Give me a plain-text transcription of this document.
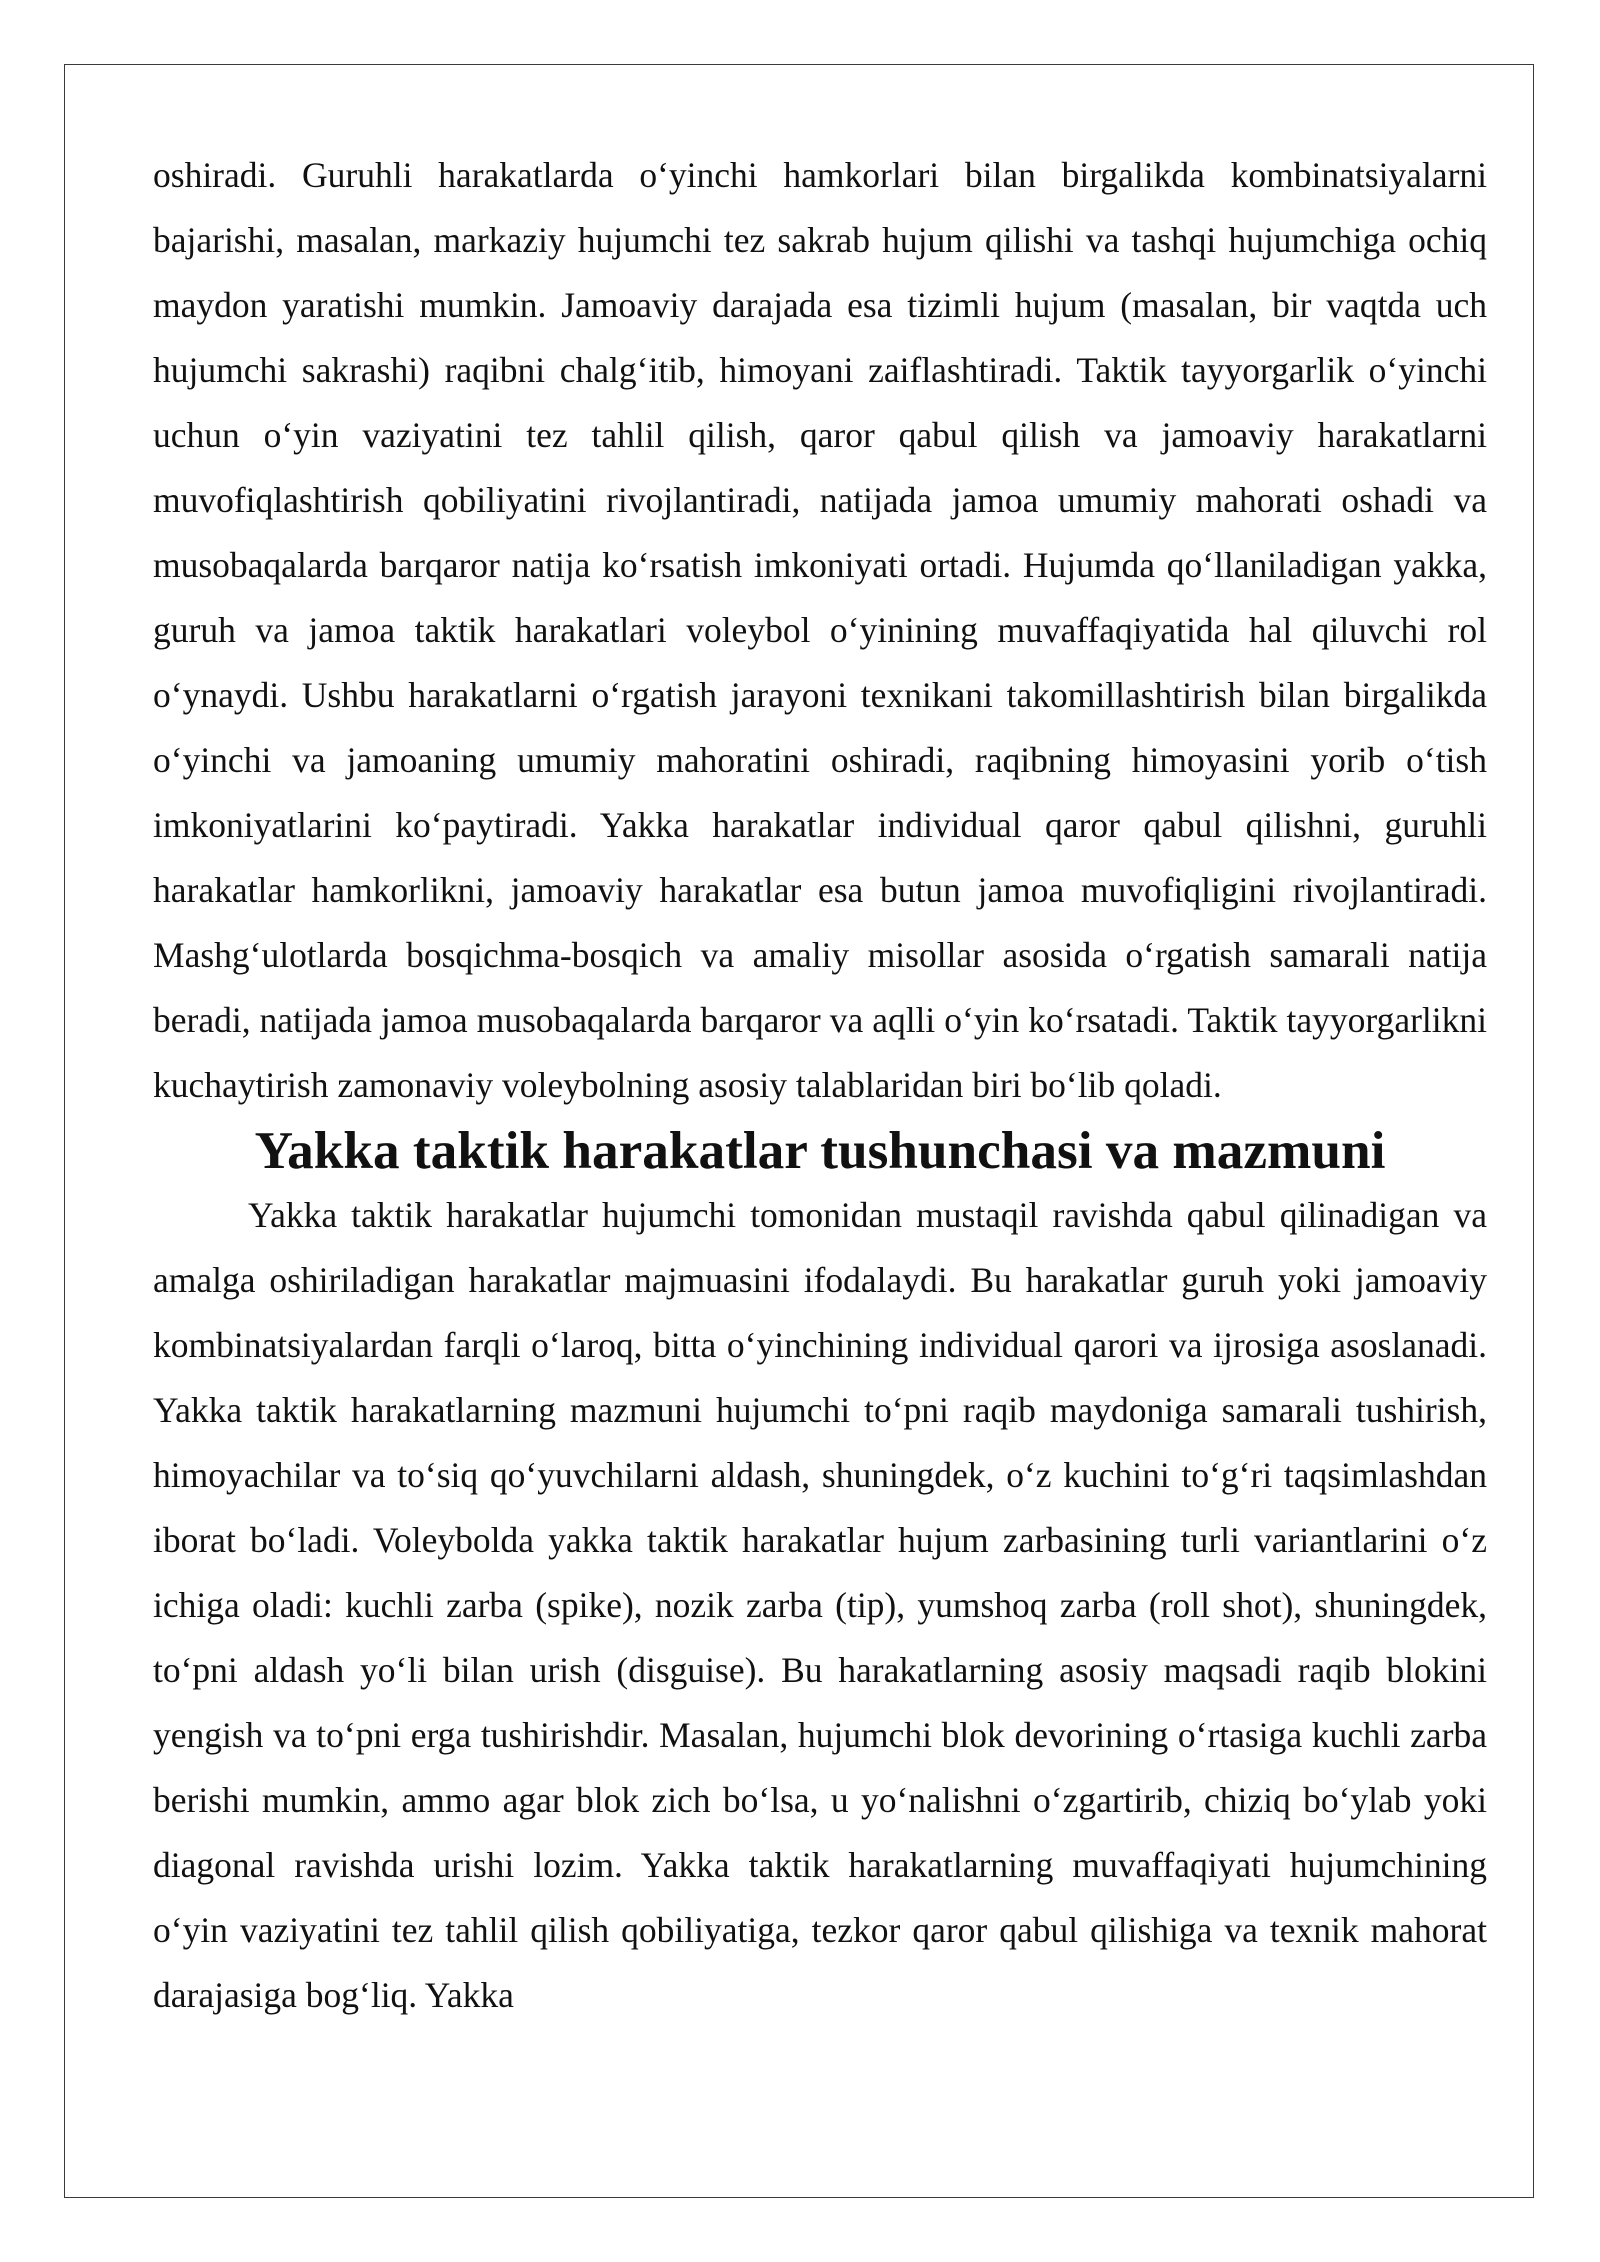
oshiradi. Guruhli harakatlarda o‘yinchi hamkorlari bilan birgalikda kombinatsiyalarni bajarishi, masalan, markaziy hujumchi tez sakrab hujum qilishi va tashqi hujumchiga ochiq maydon yaratishi mumkin. Jamoaviy darajada esa tizimli hujum (masalan, bir vaqtda uch hujumchi sakrashi) raqibni chalg‘itib, himoyani zaiflashtiradi. Taktik tayyorgarlik o‘yinchi uchun o‘yin vaziyatini tez tahlil qilish, qaror qabul qilish va jamoaviy harakatlarni muvofiqlashtirish qobiliyatini rivojlantiradi, natijada jamoa umumiy mahorati oshadi va musobaqalarda barqaror natija ko‘rsatish imkoniyati ortadi. Hujumda qo‘llaniladigan yakka, guruh va jamoa taktik harakatlari voleybol o‘yinining muvaffaqiyatida hal qiluvchi rol o‘ynaydi. Ushbu harakatlarni o‘rgatish jarayoni texnikani takomillashtirish bilan birgalikda o‘yinchi va jamoaning umumiy mahoratini oshiradi, raqibning himoyasini yorib o‘tish imkoniyatlarini ko‘paytiradi. Yakka harakatlar individual qaror qabul qilishni, guruhli harakatlar hamkorlikni, jamoaviy harakatlar esa butun jamoa muvofiqligini rivojlantiradi. Mashg‘ulotlarda bosqichma-bosqich va amaliy misollar asosida o‘rgatish samarali natija beradi, natijada jamoa musobaqalarda barqaror va aqlli o‘yin ko‘rsatadi. Taktik tayyorgarlikni kuchaytirish zamonaviy voleybolning asosiy talablaridan biri bo‘lib qoladi.

Yakka taktik harakatlar tushunchasi va mazmuni

Yakka taktik harakatlar hujumchi tomonidan mustaqil ravishda qabul qilinadigan va amalga oshiriladigan harakatlar majmuasini ifodalaydi. Bu harakatlar guruh yoki jamoaviy kombinatsiyalardan farqli o‘laroq, bitta o‘yinchining individual qarori va ijrosiga asoslanadi. Yakka taktik harakatlarning mazmuni hujumchi to‘pni raqib maydoniga samarali tushirish, himoyachilar va to‘siq qo‘yuvchilarni aldash, shuningdek, o‘z kuchini to‘g‘ri taqsimlashdan iborat bo‘ladi. Voleybolda yakka taktik harakatlar hujum zarbasining turli variantlarini o‘z ichiga oladi: kuchli zarba (spike), nozik zarba (tip), yumshoq zarba (roll shot), shuningdek, to‘pni aldash yo‘li bilan urish (disguise). Bu harakatlarning asosiy maqsadi raqib blokini yengish va to‘pni erga tushirishdir. Masalan, hujumchi blok devorining o‘rtasiga kuchli zarba berishi mumkin, ammo agar blok zich bo‘lsa, u yo‘nalishni o‘zgartirib, chiziq bo‘ylab yoki diagonal ravishda urishi lozim. Yakka taktik harakatlarning muvaffaqiyati hujumchining o‘yin vaziyatini tez tahlil qilish qobiliyatiga, tezkor qaror qabul qilishiga va texnik mahorat darajasiga bog‘liq. Yakka
